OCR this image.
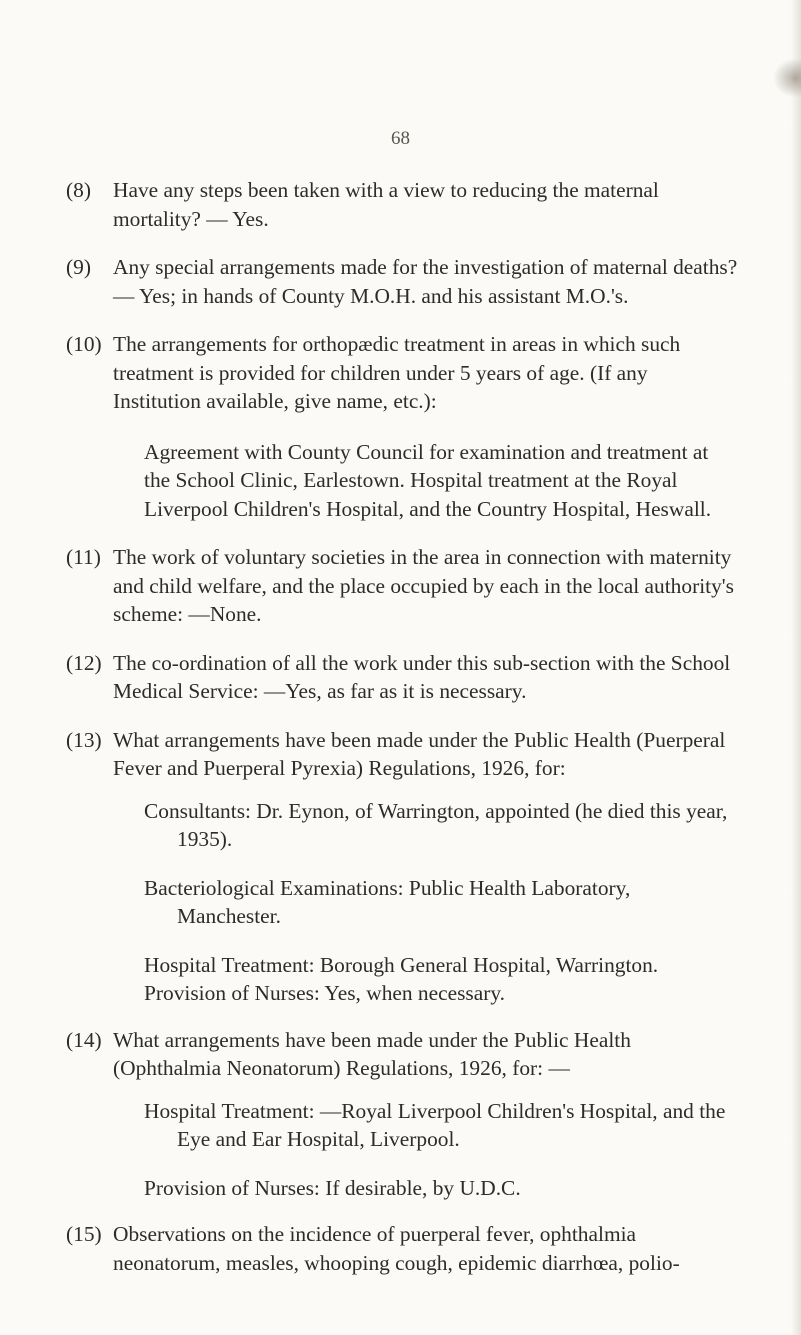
68
(8)	Have any steps been taken with a view to reducing the maternal mortality? — Yes.
(9)	Any special arrangements made for the investigation of maternal deaths? — Yes; in hands of County M.O.H. and his assistant M.O.'s.
(10) The arrangements for orthopædic treatment in areas in which such treatment is provided for children under 5 years of age. (If any Institution available, give name, etc.):
Agreement with County Council for examination and treatment at the School Clinic, Earlestown. Hospital treatment at the Royal Liverpool Children's Hospital, and the Country Hospital, Heswall.
(11) The work of voluntary societies in the area in connection with maternity and child welfare, and the place occupied by each in the local authority's scheme: —None.
(12) The co-ordination of all the work under this sub-section with the School Medical Service: —Yes, as far as it is necessary.
(13) What arrangements have been made under the Public Health (Puerperal Fever and Puerperal Pyrexia) Regulations, 1926, for:
Consultants: Dr. Eynon, of Warrington, appointed (he died this year, 1935).
Bacteriological Examinations: Public Health Laboratory, Manchester.
Hospital Treatment: Borough General Hospital, Warrington.
Provision of Nurses: Yes, when necessary.
(14) What arrangements have been made under the Public Health (Ophthalmia Neonatorum) Regulations, 1926, for: —
Hospital Treatment: —Royal Liverpool Children's Hospital, and the Eye and Ear Hospital, Liverpool.
Provision of Nurses: If desirable, by U.D.C.
(15) Observations on the incidence of puerperal fever, ophthalmia neonatorum, measles, whooping cough, epidemic diarrhœa, polio-
